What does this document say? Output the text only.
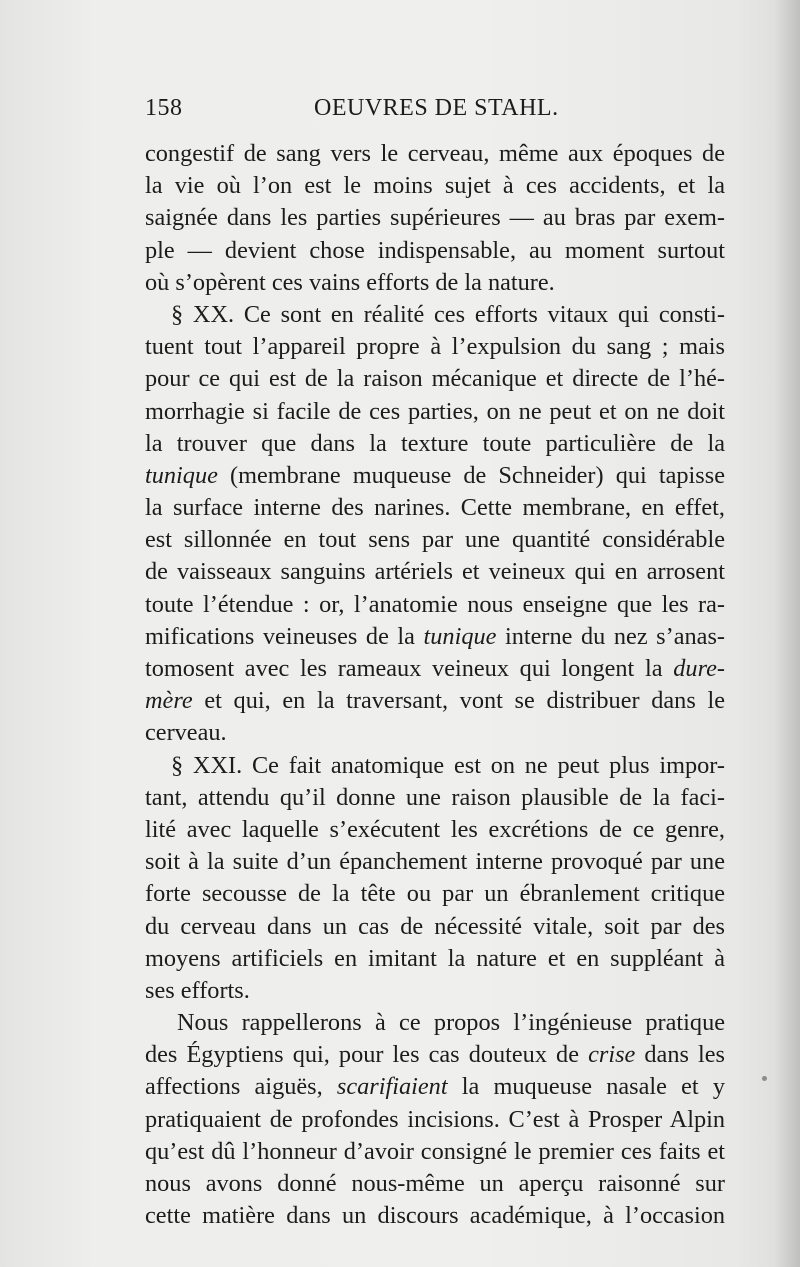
158	OEUVRES DE STAHL.

congestif de sang vers le cerveau, même aux époques de
la vie où l’on est le moins sujet à ces accidents, et la
saignée dans les parties supérieures — au bras par exem-
ple — devient chose indispensable, au moment surtout
où s’opèrent ces vains efforts de la nature.

§ XX. Ce sont en réalité ces efforts vitaux qui consti-
tuent tout l’appareil propre à l’expulsion du sang ; mais
pour ce qui est de la raison mécanique et directe de l’hé-
morrhagie si facile de ces parties, on ne peut et on ne doit
la trouver que dans la texture toute particulière de la
tunique (membrane muqueuse de Schneider) qui tapisse
la surface interne des narines. Cette membrane, en effet,
est sillonnée en tout sens par une quantité considérable
de vaisseaux sanguins artériels et veineux qui en arrosent
toute l’étendue : or, l’anatomie nous enseigne que les ra-
mifications veineuses de la tunique interne du nez s’anas-
tomosent avec les rameaux veineux qui longent la dure-
mère et qui, en la traversant, vont se distribuer dans le
cerveau.

§ XXI. Ce fait anatomique est on ne peut plus impor-
tant, attendu qu’il donne une raison plausible de la faci-
lité avec laquelle s’exécutent les excrétions de ce genre,
soit à la suite d’un épanchement interne provoqué par une
forte secousse de la tête ou par un ébranlement critique
du cerveau dans un cas de nécessité vitale, soit par des
moyens artificiels en imitant la nature et en suppléant à
ses efforts.

Nous rappellerons à ce propos l’ingénieuse pratique
des Égyptiens qui, pour les cas douteux de crise dans les
affections aiguës, scarifiaient la muqueuse nasale et y
pratiquaient de profondes incisions. C’est à Prosper Alpin
qu’est dû l’honneur d’avoir consigné le premier ces faits et
nous avons donné nous-même un aperçu raisonné sur
cette matière dans un discours académique, à l’occasion
